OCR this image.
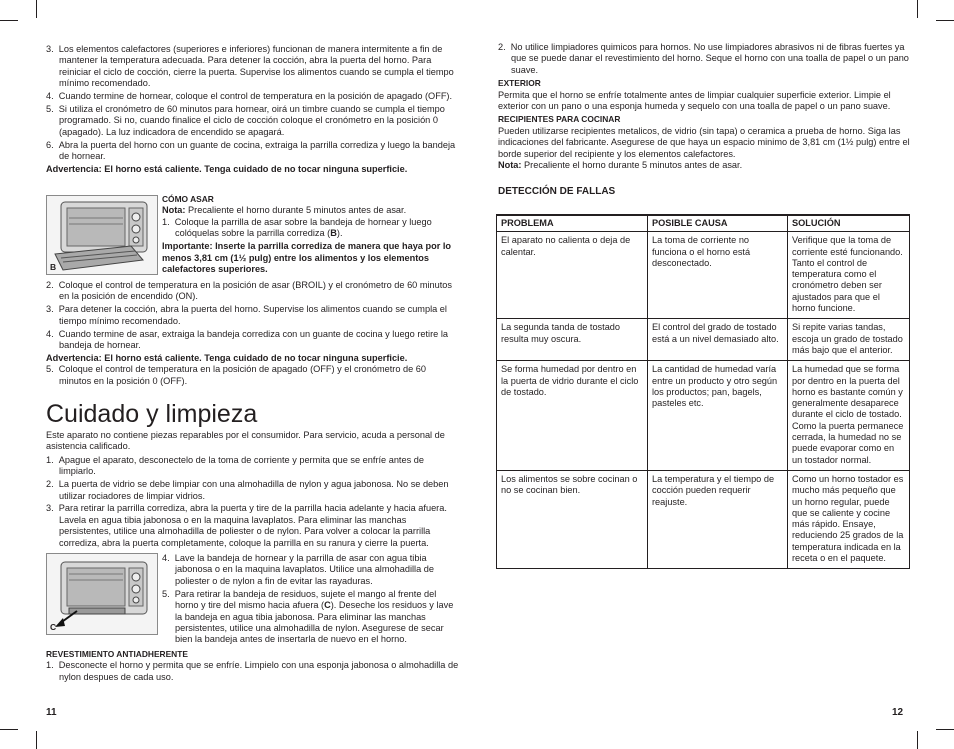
3. Los elementos calefactores (superiores e inferiores) funcionan de manera intermitente a fin de mantener la temperatura adecuada. Para detener la cocción, abra la puerta del horno. Para reiniciar el ciclo de cocción, cierre la puerta. Supervise los alimentos cuando se cumpla el tiempo mínimo recomendado.

4. Cuando termine de hornear, coloque el control de temperatura en la posición de apagado (OFF).

5. Si utiliza el cronómetro de 60 minutos para hornear, oirá un timbre cuando se cumpla el tiempo programado. Si no, cuando finalice el ciclo de cocción coloque el cronómetro en la posición 0 (apagado). La luz indicadora de encendido se apagará.

6. Abra la puerta del horno con un guante de cocina, extraiga la parrilla corrediza y luego la bandeja de hornear.

Advertencia: El horno está caliente. Tenga cuidado de no tocar ninguna superficie.

B

CÓMO ASAR

Nota: Precaliente el horno durante 5 minutos antes de asar.

1. Coloque la parrilla de asar sobre la bandeja de hornear y luego colóquelas sobre la parrilla corrediza (B).

Importante: Inserte la parrilla corrediza de manera que haya por lo menos 3,81 cm (1½ pulg) entre los alimentos y los elementos calefactores superiores.

2. Coloque el control de temperatura en la posición de asar (BROIL) y el cronómetro de 60 minutos en la posición de encendido (ON).

3. Para detener la cocción, abra la puerta del horno. Supervise los alimentos cuando se cumpla el tiempo mínimo recomendado.

4. Cuando termine de asar, extraiga la bandeja corrediza con un guante de cocina y luego retire la bandeja de hornear.

Advertencia: El horno está caliente. Tenga cuidado de no tocar ninguna superficie.

5. Coloque el control de temperatura en la posición de apagado (OFF) y el cronómetro de 60 minutos en la posición 0 (OFF).

Cuidado y limpieza

Este aparato no contiene piezas reparables por el consumidor. Para servicio, acuda a personal de asistencia calificado.

1. Apague el aparato, desconectelo de la toma de corriente y permita que se enfríe antes de limpiarlo.

2. La puerta de vidrio se debe limpiar con una almohadilla de nylon y agua jabonosa. No se deben utilizar rociadores de limpiar vidrios.

3. Para retirar la parrilla corrediza, abra la puerta y tire de la parrilla hacia adelante y hacia afuera. Lavela en agua tibia jabonosa o en la maquina lavaplatos. Para eliminar las manchas persistentes, utilice una almohadilla de poliester o de nylon. Para volver a colocar la parrilla corrediza, abra la puerta completamente, coloque la parrilla en su ranura y cierre la puerta.

C

4. Lave la bandeja de hornear y la parrilla de asar con agua tibia jabonosa o en la maquina lavaplatos. Utilice una almohadilla de poliester o de nylon a fin de evitar las rayaduras.

5. Para retirar la bandeja de residuos, sujete el mango al frente del horno y tire del mismo hacia afuera (C). Deseche los residuos y lave la bandeja en agua tibia jabonosa. Para eliminar las manchas persistentes, utilice una almohadilla de nylon. Asegurese de secar bien la bandeja antes de insertarla de nuevo en el horno.

REVESTIMIENTO ANTIADHERENTE

1. Desconecte el horno y permita que se enfríe. Limpielo con una esponja jabonosa o almohadilla de nylon despues de cada uso.

11

2. No utilice limpiadores quimicos para hornos. No use limpiadores abrasivos ni de fibras fuertes ya que se puede danar el revestimiento del horno. Seque el horno con una toalla de papel o un pano suave.

EXTERIOR

Permita que el horno se enfríe totalmente antes de limpiar cualquier superficie exterior. Limpie el exterior con un pano o una esponja humeda y sequelo con una toalla de papel o un pano suave.

RECIPIENTES PARA COCINAR

Pueden utilizarse recipientes metalicos, de vidrio (sin tapa) o ceramica a prueba de horno. Siga las indicaciones del fabricante. Asegurese de que haya un espacio minimo de 3,81 cm (1½ pulg) entre el borde superior del recipiente y los elementos calefactores.

Nota: Precaliente el horno durante 5 minutos antes de asar.

DETECCIÓN DE FALLAS
PROBLEMA	POSIBLE CAUSA	SOLUCIÓN
El aparato no calienta o deja de calentar.	La toma de corriente no funciona o el horno está desconectado.	Verifique que la toma de corriente esté funcionando. Tanto el control de temperatura como el cronómetro deben ser ajustados para que el horno funcione.
La segunda tanda de tostado resulta muy oscura.	El control del grado de tostado está a un nivel demasiado alto.	Si repite varias tandas, escoja un grado de tostado más bajo que el anterior.
Se forma humedad por dentro en la puerta de vidrio durante el ciclo de tostado.	La cantidad de humedad varía entre un producto y otro según los productos; pan, bagels, pasteles etc.	La humedad que se forma por dentro en la puerta del horno es bastante común y generalmente desaparece durante el ciclo de tostado. Como la puerta permanece cerrada, la humedad no se puede evaporar como en un tostador normal.
Los alimentos se sobre cocinan o no se cocinan bien.	La temperatura y el tiempo de cocción pueden requerir reajuste.	Como un horno tostador es mucho más pequeño que un horno regular, puede que se caliente y cocine más rápido. Ensaye, reduciendo 25 grados de la temperatura indicada en la receta o en el paquete.
12
